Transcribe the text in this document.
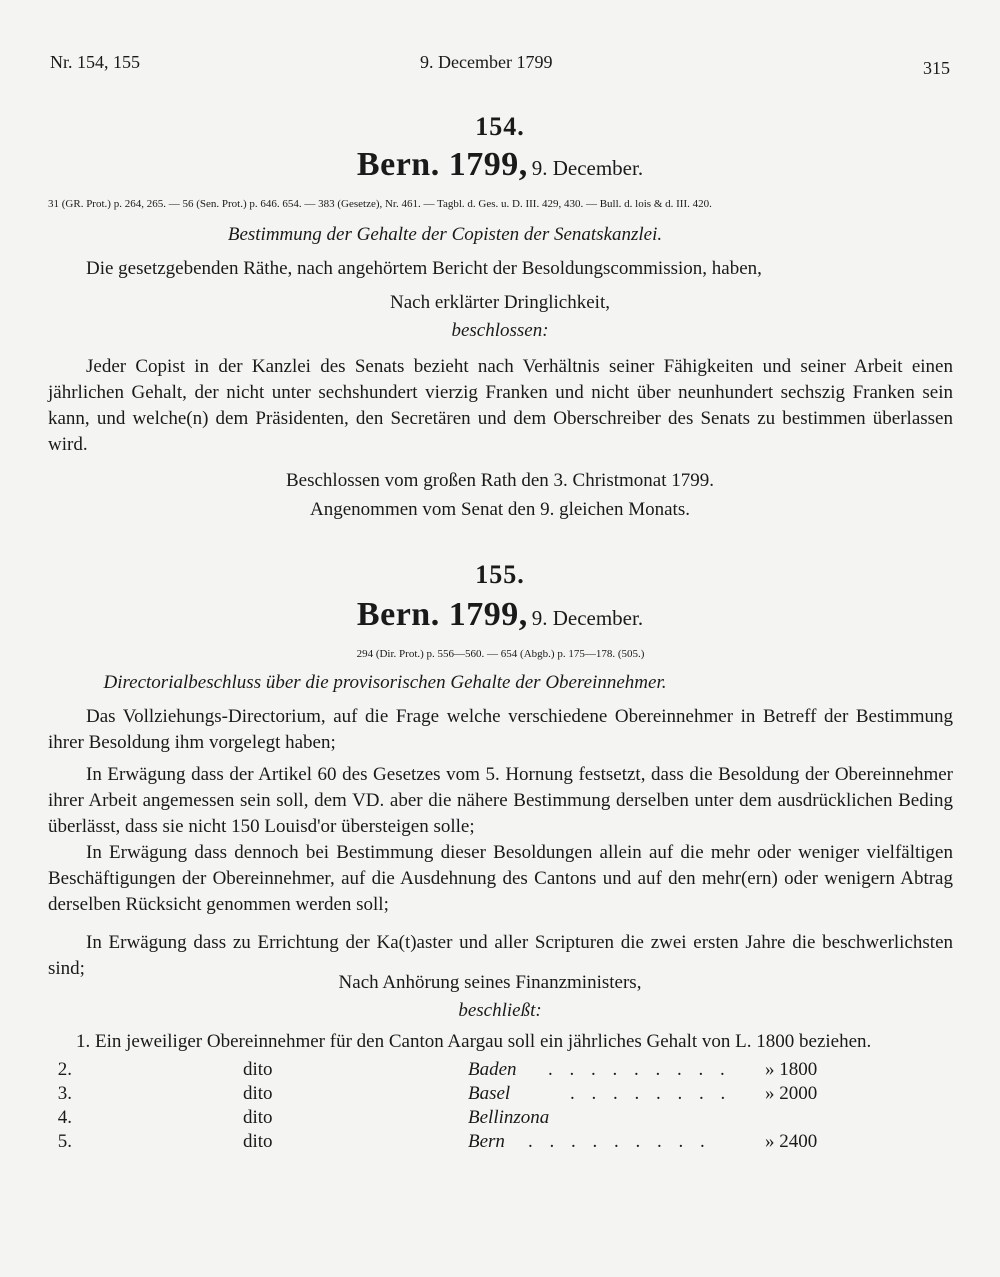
Nr. 154, 155	9. December 1799	315
154.
Bern. 1799, 9. December.
31 (GR. Prot.) p. 264, 265. — 56 (Sen. Prot.) p. 646. 654. — 383 (Gesetze), Nr. 461. — Tagbl. d. Ges. u. D. III. 429, 430. — Bull. d. lois & d. III. 420.
Bestimmung der Gehalte der Copisten der Senatskanzlei.
Die gesetzgebenden Räthe, nach angehörtem Bericht der Besoldungscommission, haben,
Nach erklärter Dringlichkeit,
beschlossen:
Jeder Copist in der Kanzlei des Senats bezieht nach Verhältnis seiner Fähigkeiten und seiner Arbeit einen jährlichen Gehalt, der nicht unter sechshundert vierzig Franken und nicht über neunhundert sechszig Franken sein kann, und welche(n) dem Präsidenten, den Secretären und dem Oberschreiber des Senats zu bestimmen überlassen wird.
Beschlossen vom großen Rath den 3. Christmonat 1799.
Angenommen vom Senat den 9. gleichen Monats.
155.
Bern. 1799, 9. December.
294 (Dir. Prot.) p. 556—560. — 654 (Abgb.) p. 175—178. (505.)
Directorialbeschluss über die provisorischen Gehalte der Obereinnehmer.
Das Vollziehungs-Directorium, auf die Frage welche verschiedene Obereinnehmer in Betreff der Bestimmung ihrer Besoldung ihm vorgelegt haben;
In Erwägung dass der Artikel 60 des Gesetzes vom 5. Hornung festsetzt, dass die Besoldung der Obereinnehmer ihrer Arbeit angemessen sein soll, dem VD. aber die nähere Bestimmung derselben unter dem ausdrücklichen Beding überlässt, dass sie nicht 150 Louisd'or übersteigen solle;
In Erwägung dass dennoch bei Bestimmung dieser Besoldungen allein auf die mehr oder weniger vielfältigen Beschäftigungen der Obereinnehmer, auf die Ausdehnung des Cantons und auf den mehr(ern) oder wenigern Abtrag derselben Rücksicht genommen werden soll;
In Erwägung dass zu Errichtung der Ka(t)aster und aller Scripturen die zwei ersten Jahre die beschwerlichsten sind;
Nach Anhörung seines Finanzministers,
beschließt:
1. Ein jeweiliger Obereinnehmer für den Canton Aargau soll ein jährliches Gehalt von L. 1800 beziehen.
2.	dito	Baden . . . . . . . . . » 1800
3.	dito	Basel	. . . . . . . . » 2000
4.	dito	Bellinzona
5.	dito	Bern . . . . . . . . .	» 2400
